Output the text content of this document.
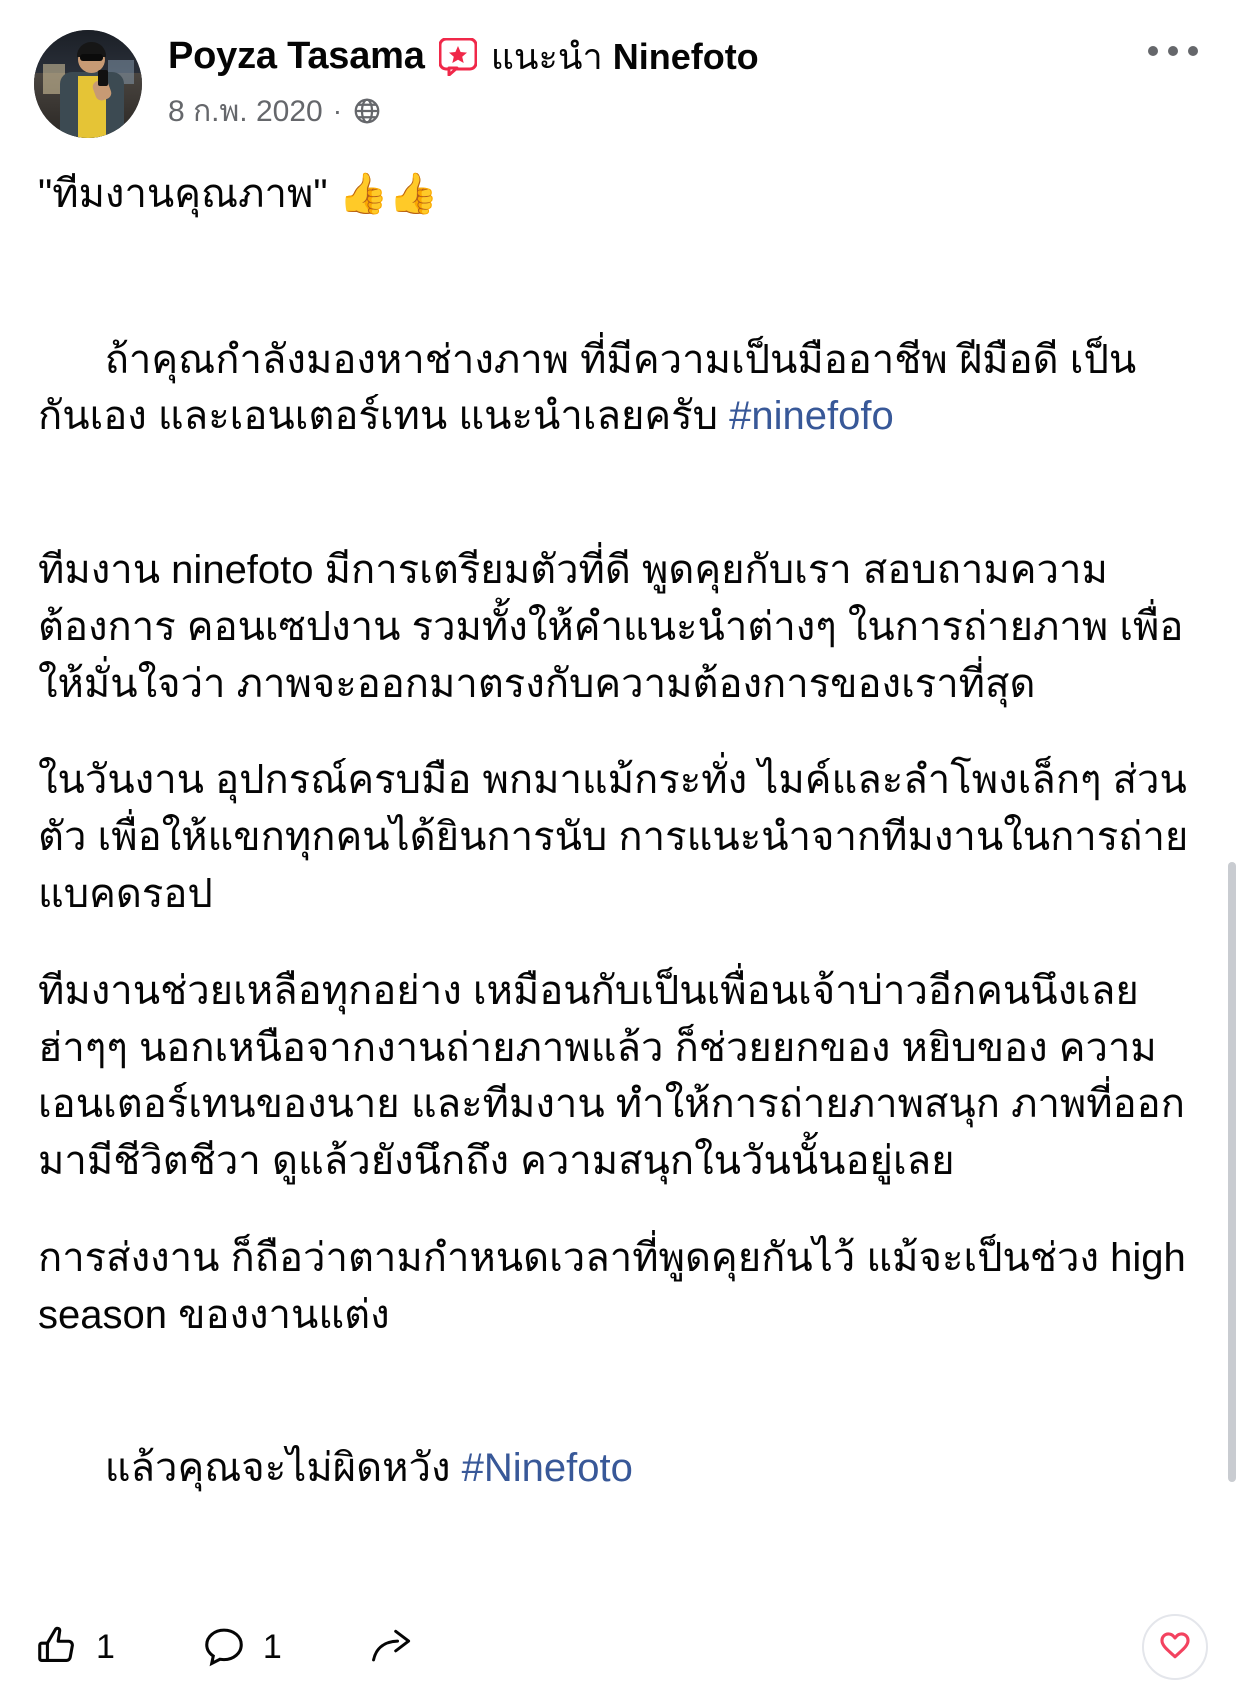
Poyza Tasama แนะนำ
Ninefoto
8 ก.พ. 2020 ·

"ทีมงานคุณภาพ" 👍👍

ถ้าคุณกำลังมองหาช่างภาพ ที่มีความเป็นมืออาชีพ ฝีมือดี เป็นกันเอง และเอนเตอร์เทน แนะนำเลยครับ #ninefofo

ทีมงาน ninefoto มีการเตรียมตัวที่ดี พูดคุยกับเรา สอบถามความต้องการ คอนเซปงาน รวมทั้งให้คำแนะนำต่างๆ ในการถ่ายภาพ เพื่อให้มั่นใจว่า ภาพจะออกมาตรงกับความต้องการของเราที่สุด

ในวันงาน อุปกรณ์ครบมือ พกมาแม้กระทั่ง ไมค์และลำโพงเล็กๆ ส่วนตัว เพื่อให้แขกทุกคนได้ยินการนับ การแนะนำจากทีมงานในการถ่ายแบคดรอป

ทีมงานช่วยเหลือทุกอย่าง เหมือนกับเป็นเพื่อนเจ้าบ่าวอีกคนนึงเลย ฮ่าๆๆ นอกเหนือจากงานถ่ายภาพแล้ว ก็ช่วยยกของ หยิบของ ความเอนเตอร์เทนของนาย และทีมงาน ทำให้การถ่ายภาพสนุก ภาพที่ออกมามีชีวิตชีวา ดูแล้วยังนึกถึง ความสนุกในวันนั้นอยู่เลย

การส่งงาน ก็ถือว่าตามกำหนดเวลาที่พูดคุยกันไว้ แม้จะเป็นช่วง high season ของงานแต่ง

แล้วคุณจะไม่ผิดหวัง #Ninefoto

1	1
